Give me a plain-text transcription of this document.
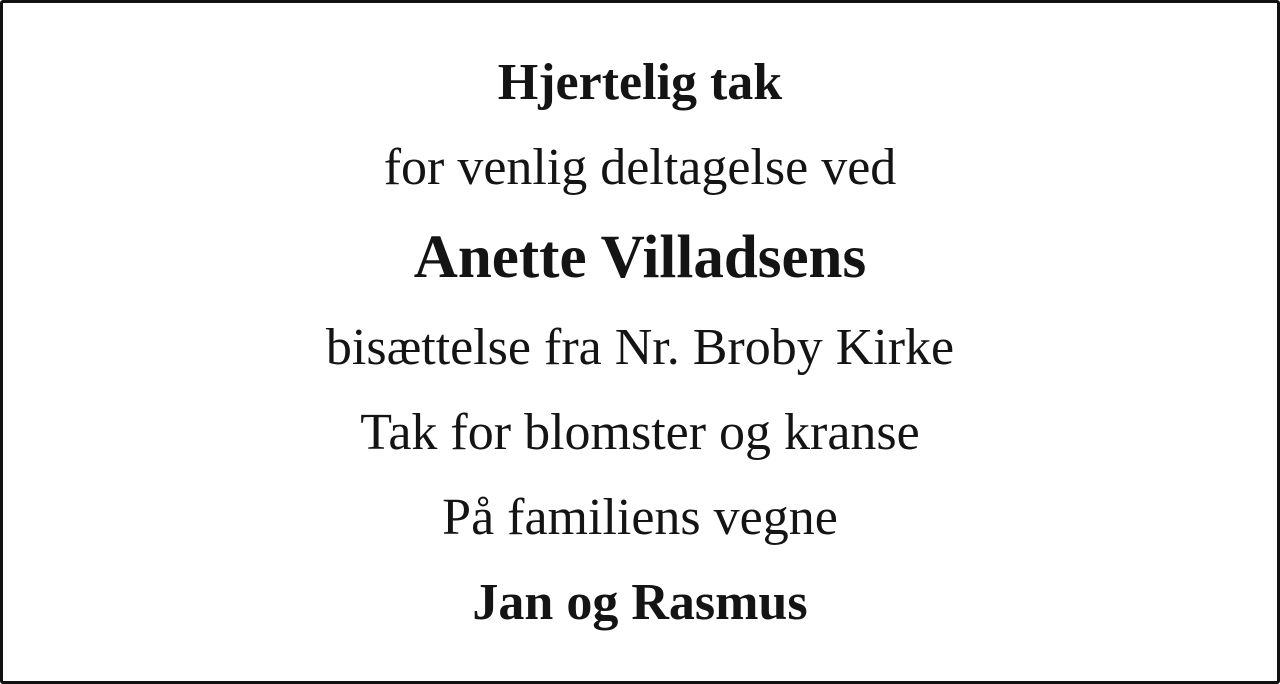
Hjertelig tak
for venlig deltagelse ved
Anette Villadsens
bisættelse fra Nr. Broby Kirke
Tak for blomster og kranse
På familiens vegne
Jan og Rasmus
